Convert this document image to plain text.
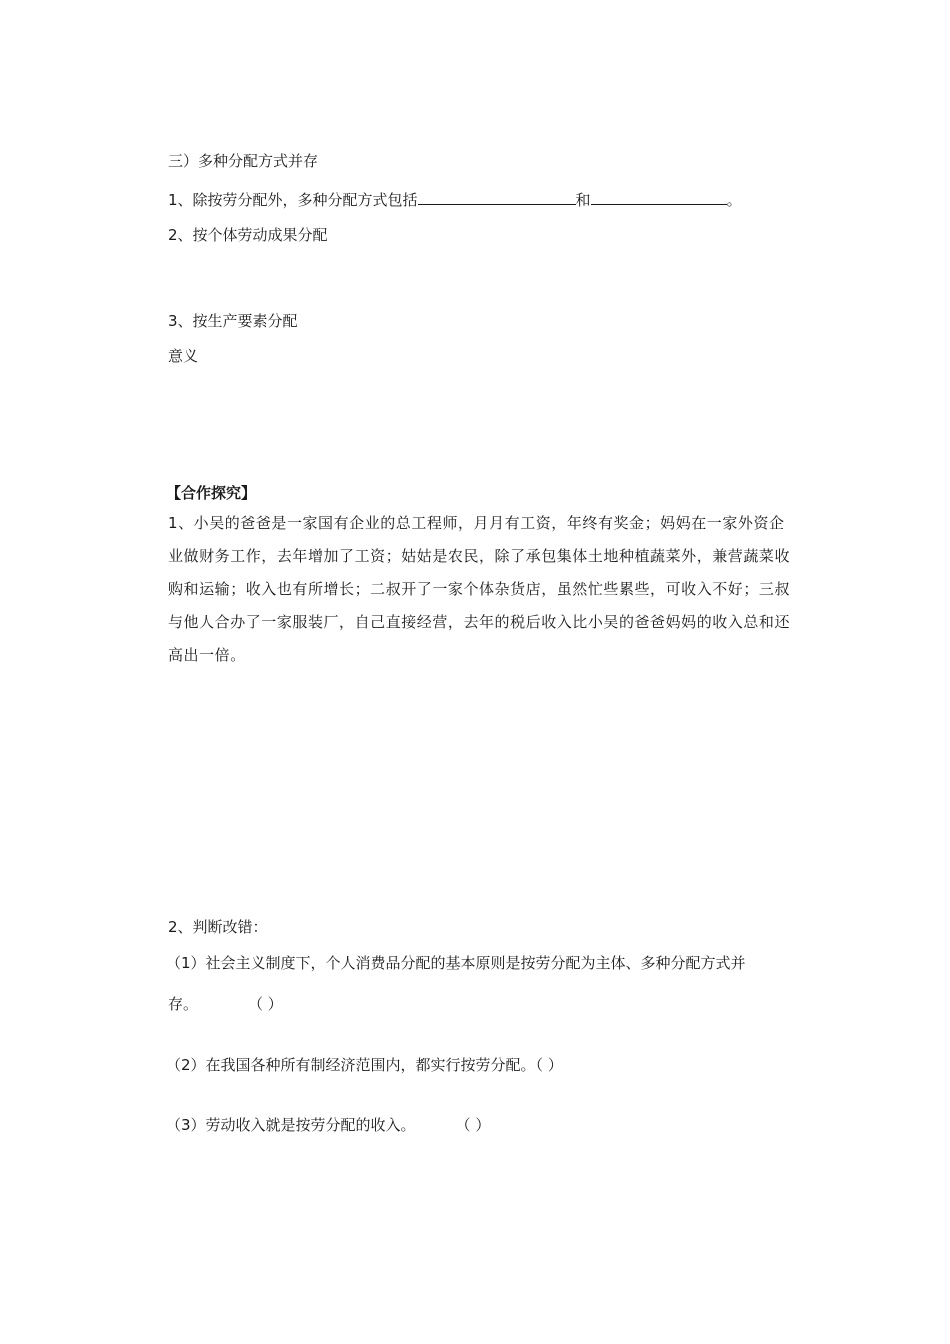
三）多种分配方式并存
1、除按劳分配外，多种分配方式包括	和	。
2、按个体劳动成果分配
3、按生产要素分配
意义
【合作探究】
1、小吴的爸爸是一家国有企业的总工程师，月月有工资，年终有奖金；妈妈在一家外资企业做财务工作，去年增加了工资；姑姑是农民，除了承包集体土地种植蔬菜外，兼营蔬菜收购和运输；收入也有所增长；二叔开了一家个体杂货店，虽然忙些累些，可收入不好；三叔与他人合办了一家服装厂，自己直接经营，去年的税后收入比小吴的爸爸妈妈的收入总和还高出一倍。
2、判断改错：
（1）社会主义制度下，个人消费品分配的基本原则是按劳分配为主体、多种分配方式并
存。	（ ）
（2）在我国各种所有制经济范围内，都实行按劳分配。（ ）
（3）劳动收入就是按劳分配的收入。	（ ）
